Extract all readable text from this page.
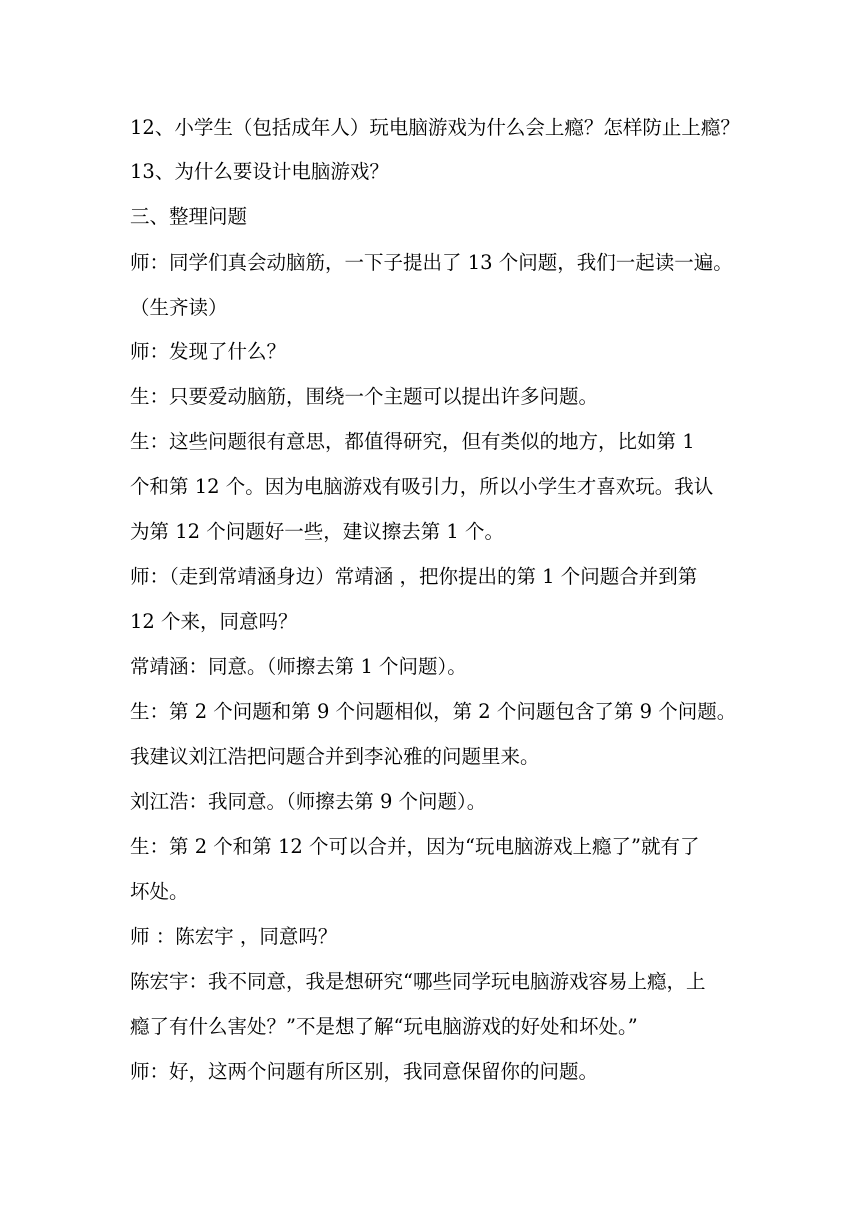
12、小学生（包括成年人）玩电脑游戏为什么会上瘾？怎样防止上瘾？
13、为什么要设计电脑游戏？
三、整理问题
师：同学们真会动脑筋，一下子提出了 13 个问题，我们一起读一遍。
（生齐读）
师：发现了什么？
生：只要爱动脑筋，围绕一个主题可以提出许多问题。
生：这些问题很有意思，都值得研究，但有类似的地方，比如第 1
个和第 12 个。因为电脑游戏有吸引力，所以小学生才喜欢玩。我认
为第 12 个问题好一些，建议擦去第 1 个。
师：（走到常靖涵身边）常靖涵 ，把你提出的第 1 个问题合并到第
12 个来，同意吗？
常靖涵：同意。（师擦去第 1 个问题）。
生：第 2 个问题和第 9 个问题相似，第 2 个问题包含了第 9 个问题。
我建议刘江浩把问题合并到李沁雅的问题里来。
刘江浩：我同意。（师擦去第 9 个问题）。
生：第 2 个和第 12 个可以合并，因为“玩电脑游戏上瘾了”就有了
坏处。
师 ：陈宏宇 ，同意吗？
陈宏宇：我不同意，我是想研究“哪些同学玩电脑游戏容易上瘾，上
瘾了有什么害处？”不是想了解“玩电脑游戏的好处和坏处。”
师：好，这两个问题有所区别，我同意保留你的问题。
